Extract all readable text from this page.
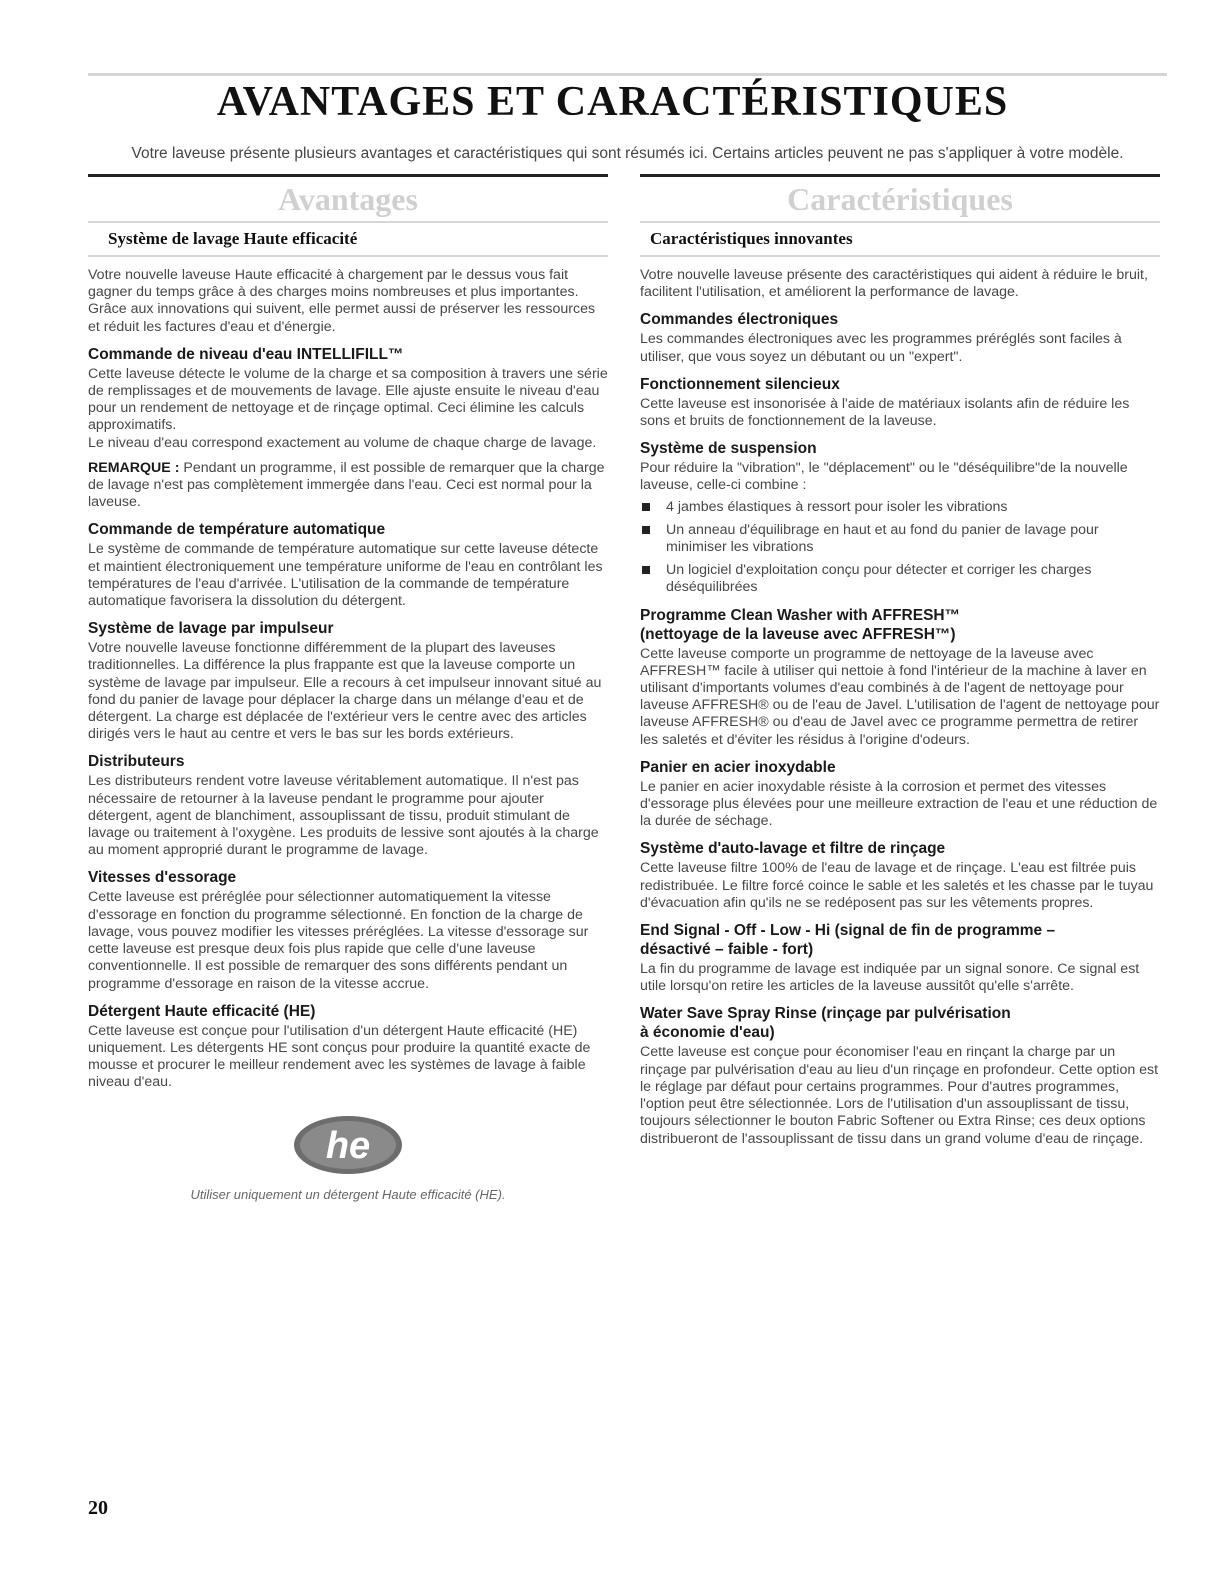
AVANTAGES ET CARACTÉRISTIQUES

Votre laveuse présente plusieurs avantages et caractéristiques qui sont résumés ici. Certains articles peuvent ne pas s'appliquer à votre modèle.

Avantages
Système de lavage Haute efficacité

Votre nouvelle laveuse Haute efficacité à chargement par le dessus vous fait gagner du temps grâce à des charges moins nombreuses et plus importantes. Grâce aux innovations qui suivent, elle permet aussi de préserver les ressources et réduit les factures d'eau et d'énergie.

Commande de niveau d'eau INTELLIFILL™

Cette laveuse détecte le volume de la charge et sa composition à travers une série de remplissages et de mouvements de lavage. Elle ajuste ensuite le niveau d'eau pour un rendement de nettoyage et de rinçage optimal. Ceci élimine les calculs approximatifs.

Le niveau d'eau correspond exactement au volume de chaque charge de lavage.

REMARQUE : Pendant un programme, il est possible de remarquer que la charge de lavage n'est pas complètement immergée dans l'eau. Ceci est normal pour la laveuse.

Commande de température automatique

Le système de commande de température automatique sur cette laveuse détecte et maintient électroniquement une température uniforme de l'eau en contrôlant les températures de l'eau d'arrivée. L'utilisation de la commande de température automatique favorisera la dissolution du détergent.

Système de lavage par impulseur

Votre nouvelle laveuse fonctionne différemment de la plupart des laveuses traditionnelles. La différence la plus frappante est que la laveuse comporte un système de lavage par impulseur. Elle a recours à cet impulseur innovant situé au fond du panier de lavage pour déplacer la charge dans un mélange d'eau et de détergent. La charge est déplacée de l'extérieur vers le centre avec des articles dirigés vers le haut au centre et vers le bas sur les bords extérieurs.

Distributeurs

Les distributeurs rendent votre laveuse véritablement automatique. Il n'est pas nécessaire de retourner à la laveuse pendant le programme pour ajouter détergent, agent de blanchiment, assouplissant de tissu, produit stimulant de lavage ou traitement à l'oxygène. Les produits de lessive sont ajoutés à la charge au moment approprié durant le programme de lavage.

Vitesses d'essorage

Cette laveuse est préréglée pour sélectionner automatiquement la vitesse d'essorage en fonction du programme sélectionné. En fonction de la charge de lavage, vous pouvez modifier les vitesses préréglées. La vitesse d'essorage sur cette laveuse est presque deux fois plus rapide que celle d'une laveuse conventionnelle. Il est possible de remarquer des sons différents pendant un programme d'essorage en raison de la vitesse accrue.

Détergent Haute efficacité (HE)

Cette laveuse est conçue pour l'utilisation d'un détergent Haute efficacité (HE) uniquement. Les détergents HE sont conçus pour produire la quantité exacte de mousse et procurer le meilleur rendement avec les systèmes de lavage à faible niveau d'eau.

he
Utiliser uniquement un détergent Haute efficacité (HE).
Caractéristiques
Caractéristiques innovantes

Votre nouvelle laveuse présente des caractéristiques qui aident à réduire le bruit, facilitent l'utilisation, et améliorent la performance de lavage.

Commandes électroniques

Les commandes électroniques avec les programmes préréglés sont faciles à utiliser, que vous soyez un débutant ou un "expert".

Fonctionnement silencieux

Cette laveuse est insonorisée à l'aide de matériaux isolants afin de réduire les sons et bruits de fonctionnement de la laveuse.

Système de suspension

Pour réduire la "vibration", le "déplacement" ou le "déséquilibre"de la nouvelle laveuse, celle-ci combine :

4 jambes élastiques à ressort pour isoler les vibrations
Un anneau d'équilibrage en haut et au fond du panier de lavage pour minimiser les vibrations
Un logiciel d'exploitation conçu pour détecter et corriger les charges déséquilibrées
Programme Clean Washer with AFFRESH™
(nettoyage de la laveuse avec AFFRESH™)

Cette laveuse comporte un programme de nettoyage de la laveuse avec AFFRESH™ facile à utiliser qui nettoie à fond l'intérieur de la machine à laver en utilisant d'importants volumes d'eau combinés à de l'agent de nettoyage pour laveuse AFFRESH® ou de l'eau de Javel. L'utilisation de l'agent de nettoyage pour laveuse AFFRESH® ou d'eau de Javel avec ce programme permettra de retirer les saletés et d'éviter les résidus à l'origine d'odeurs.

Panier en acier inoxydable

Le panier en acier inoxydable résiste à la corrosion et permet des vitesses d'essorage plus élevées pour une meilleure extraction de l'eau et une réduction de la durée de séchage.

Système d'auto-lavage et filtre de rinçage

Cette laveuse filtre 100% de l'eau de lavage et de rinçage. L'eau est filtrée puis redistribuée. Le filtre forcé coince le sable et les saletés et les chasse par le tuyau d'évacuation afin qu'ils ne se redéposent pas sur les vêtements propres.

End Signal - Off - Low - Hi (signal de fin de programme –
désactivé – faible - fort)

La fin du programme de lavage est indiquée par un signal sonore. Ce signal est utile lorsqu'on retire les articles de la laveuse aussitôt qu'elle s'arrête.

Water Save Spray Rinse (rinçage par pulvérisation
à économie d'eau)

Cette laveuse est conçue pour économiser l'eau en rinçant la charge par un rinçage par pulvérisation d'eau au lieu d'un rinçage en profondeur. Cette option est le réglage par défaut pour certains programmes. Pour d'autres programmes, l'option peut être sélectionnée. Lors de l'utilisation d'un assouplissant de tissu, toujours sélectionner le bouton Fabric Softener ou Extra Rinse; ces deux options distribueront de l'assouplissant de tissu dans un grand volume d'eau de rinçage.

20
